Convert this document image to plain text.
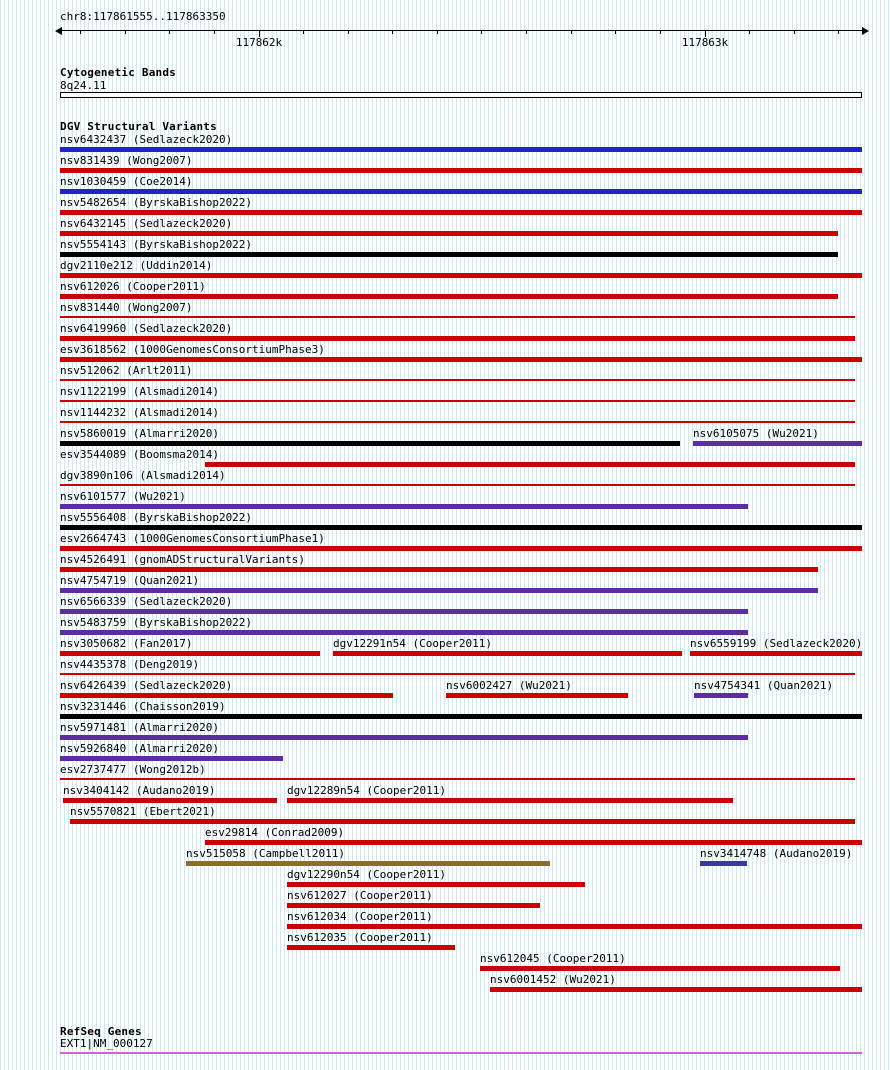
chr8:117861555..117863350
117862k	117863k
Cytogenetic Bands
8q24.11
DGV Structural Variants
nsv6432437 (Sedlazeck2020)
nsv831439 (Wong2007)
nsv1030459 (Coe2014)
nsv5482654 (ByrskaBishop2022)
nsv6432145 (Sedlazeck2020)
nsv5554143 (ByrskaBishop2022)
dgv2110e212 (Uddin2014)
nsv612026 (Cooper2011)
nsv831440 (Wong2007)
nsv6419960 (Sedlazeck2020)
esv3618562 (1000GenomesConsortiumPhase3)
nsv512062 (Arlt2011)
nsv1122199 (Alsmadi2014)
nsv1144232 (Alsmadi2014)
nsv5860019 (Almarri2020)	nsv6105075 (Wu2021)
esv3544089 (Boomsma2014)
dgv3890n106 (Alsmadi2014)
nsv6101577 (Wu2021)
nsv5556408 (ByrskaBishop2022)
esv2664743 (1000GenomesConsortiumPhase1)
nsv4526491 (gnomADStructuralVariants)
nsv4754719 (Quan2021)
nsv6566339 (Sedlazeck2020)
nsv5483759 (ByrskaBishop2022)
nsv3050682 (Fan2017)	dgv12291n54 (Cooper2011)	nsv6559199 (Sedlazeck2020)
nsv4435378 (Deng2019)
nsv6426439 (Sedlazeck2020)	nsv6002427 (Wu2021)	nsv4754341 (Quan2021)
nsv3231446 (Chaisson2019)
nsv5971481 (Almarri2020)
nsv5926840 (Almarri2020)
esv2737477 (Wong2012b)
nsv3404142 (Audano2019)	dgv12289n54 (Cooper2011)
nsv5570821 (Ebert2021)
esv29814 (Conrad2009)
nsv515058 (Campbell2011)	nsv3414748 (Audano2019)
dgv12290n54 (Cooper2011)
nsv612027 (Cooper2011)
nsv612034 (Cooper2011)
nsv612035 (Cooper2011)
nsv612045 (Cooper2011)
nsv6001452 (Wu2021)
RefSeq Genes
EXT1|NM_000127
